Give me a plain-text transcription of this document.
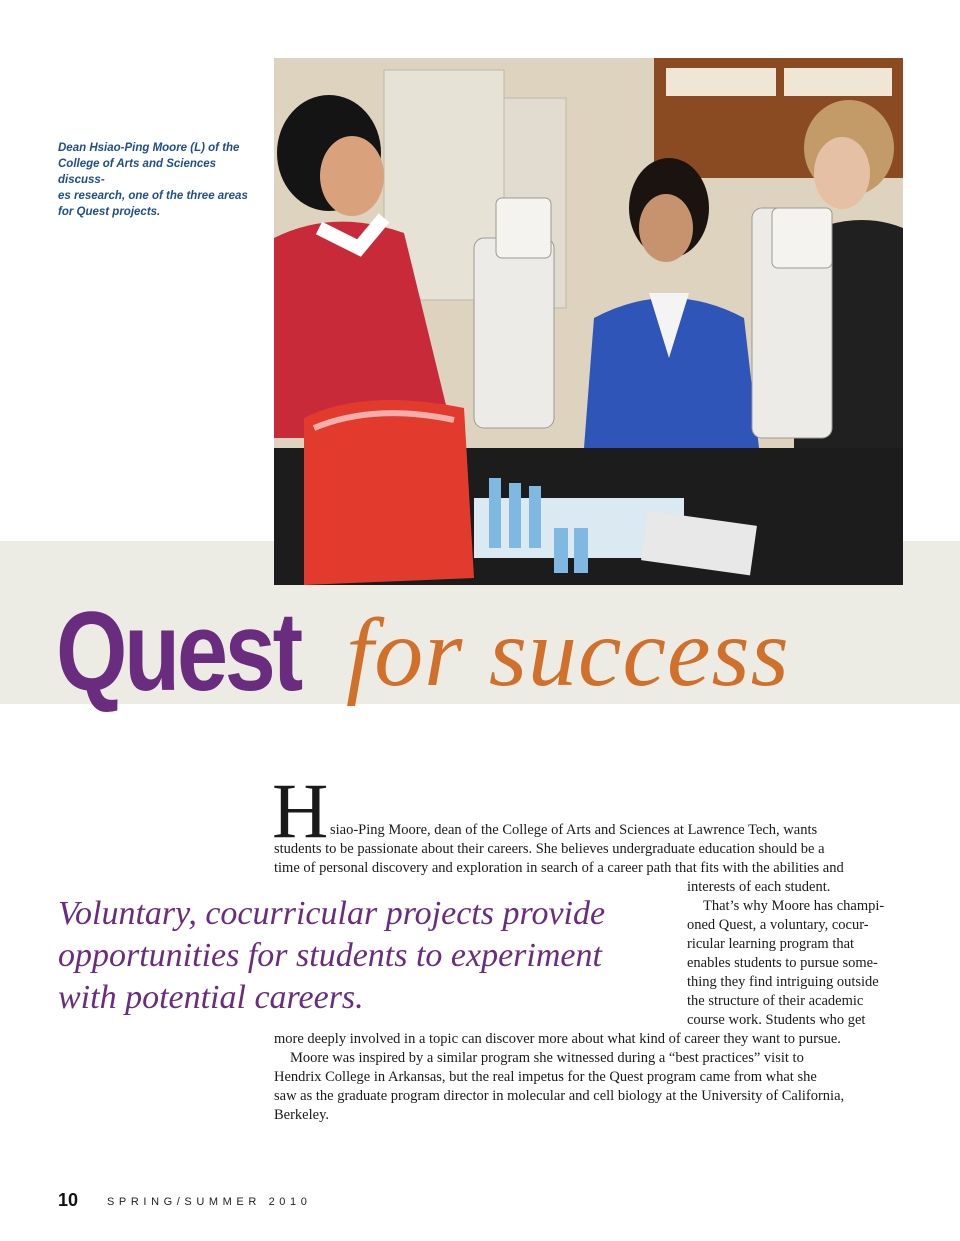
Dean Hsiao-Ping Moore (L) of the
College of Arts and Sciences discuss-
es research, one of the three areas
for Quest projects.
Quest for success
H siao-Ping Moore, dean of the College of Arts and Sciences at Lawrence Tech, wants
students to be passionate about their careers. She believes undergraduate education should be a
time of personal discovery and exploration in search of a career path that fits with the abilities and
interests of each student.
That’s why Moore has champi-
oned Quest, a voluntary, cocur-
ricular learning program that
enables students to pursue some-
thing they find intriguing outside
the structure of their academic
course work. Students who get
more deeply involved in a topic can discover more about what kind of career they want to pursue.
Moore was inspired by a similar program she witnessed during a “best practices” visit to
Hendrix College in Arkansas, but the real impetus for the Quest program came from what she
saw as the graduate program director in molecular and cell biology at the University of California,
Berkeley.
Voluntary, cocurricular projects provide
opportunities for students to experiment
with potential careers.
10	SPRING/SUMMER 2010
